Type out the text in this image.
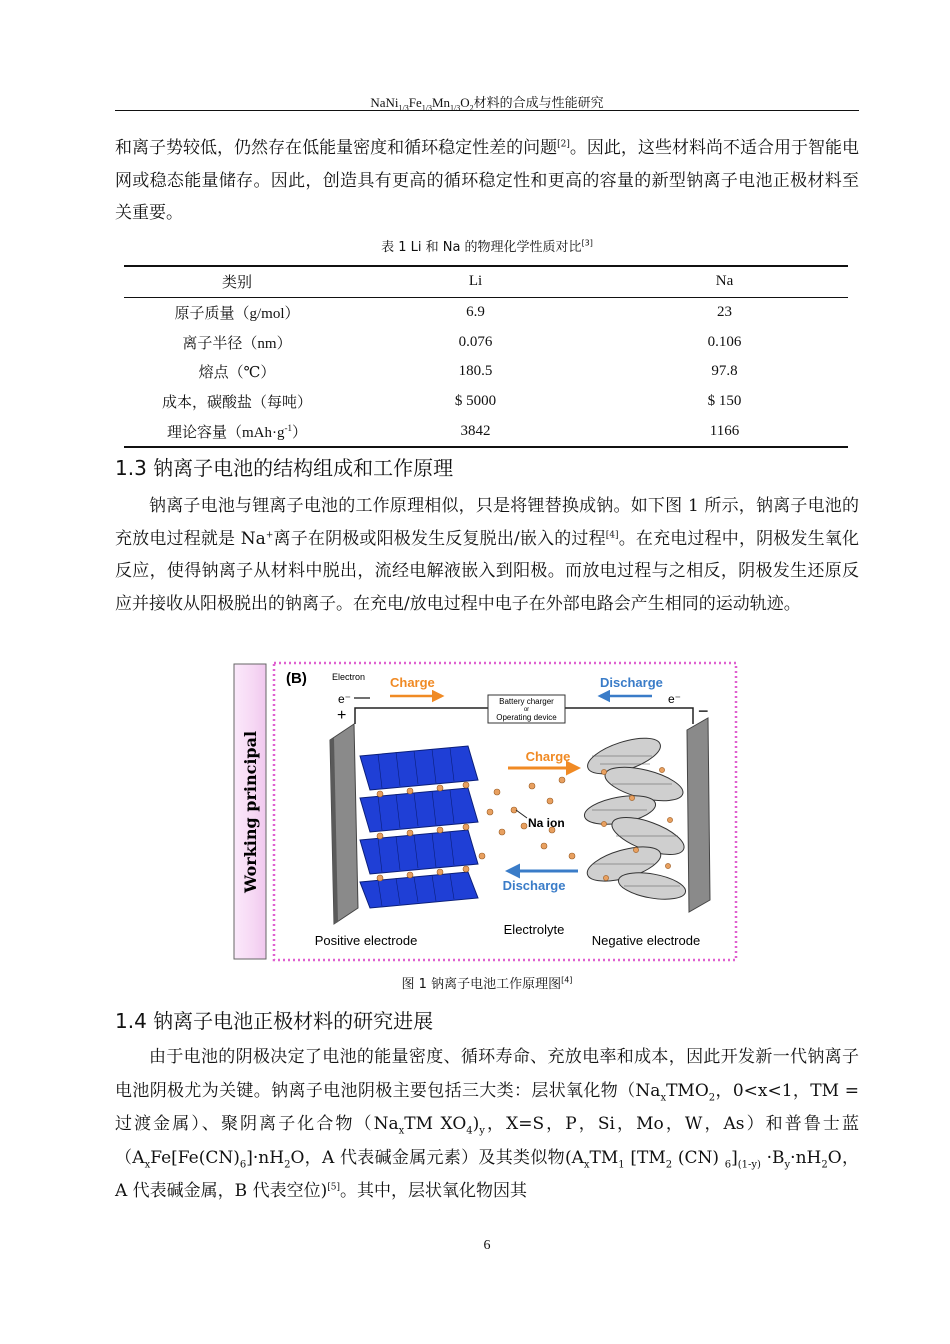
$NaNi_{1/3}Fe_{1/3}Mn_{1/3}O_2$材料的合成与性能研究

和离子势较低，仍然存在低能量密度和循环稳定性差的问题[2]。因此，这些材料尚不适合用于智能电网或稳态能量储存。因此，创造具有更高的循环稳定性和更高的容量的新型钠离子电池正极材料至关重要。

表 1 Li 和 Na 的物理化学性质对比[3]
类别	Li	Na
原子质量（g/mol）	6.9	23
离子半径（nm）	0.076	0.106
熔点（℃）	180.5	97.8
成本，碳酸盐（每吨）	$ 5000	$ 150
理论容量$(mAh\cdot g^{-1})$	3842	1166
1.3 钠离子电池的结构组成和工作原理

钠离子电池与锂离子电池的工作原理相似，只是将锂替换成钠。如下图 1 所示，钠离子电池的充放电过程就是 Na+离子在阴极或阳极发生反复脱出/嵌入的过程[4]。在充电过程中，阴极发生氧化反应，使得钠离子从材料中脱出，流经电解液嵌入到阳极。而放电过程与之相反，阴极发生还原反应并接收从阳极脱出的钠离子。在充电/放电过程中电子在外部电路会产生相同的运动轨迹。

Working principal
(B)
Battery charger
or
Operating device
Electron
e⁻
Charge	Discharge
e⁻
+	−
Charge
Na ion
Discharge
Electrolyte
Positive electrode	Negative electrode
图 1 钠离子电池工作原理图[4]
1.4 钠离子电池正极材料的研究进展

由于电池的阴极决定了电池的能量密度、循环寿命、充放电率和成本，因此开发新一代钠离子电池阴极尤为关键。钠离子电池阴极主要包括三大类：层状氧化物（$Na_xTMO_2$，0<x<1，TM =过渡金属）、聚阴离子化合物（$Na_xTM$ $XO_4)_y$，X=S，P，Si，Mo，W，As）和普鲁士蓝（$A_xFe[Fe(CN)_6]\cdot nH_2O$，A 代表碱金属元素）及其类似物($A_xTM_1$ [$TM_2$ (CN) $_6]_{(1-y)} \cdot B_y\cdot nH_2O$，A 代表碱金属，B 代表空位)[5]。其中，层状氧化物因其

6
